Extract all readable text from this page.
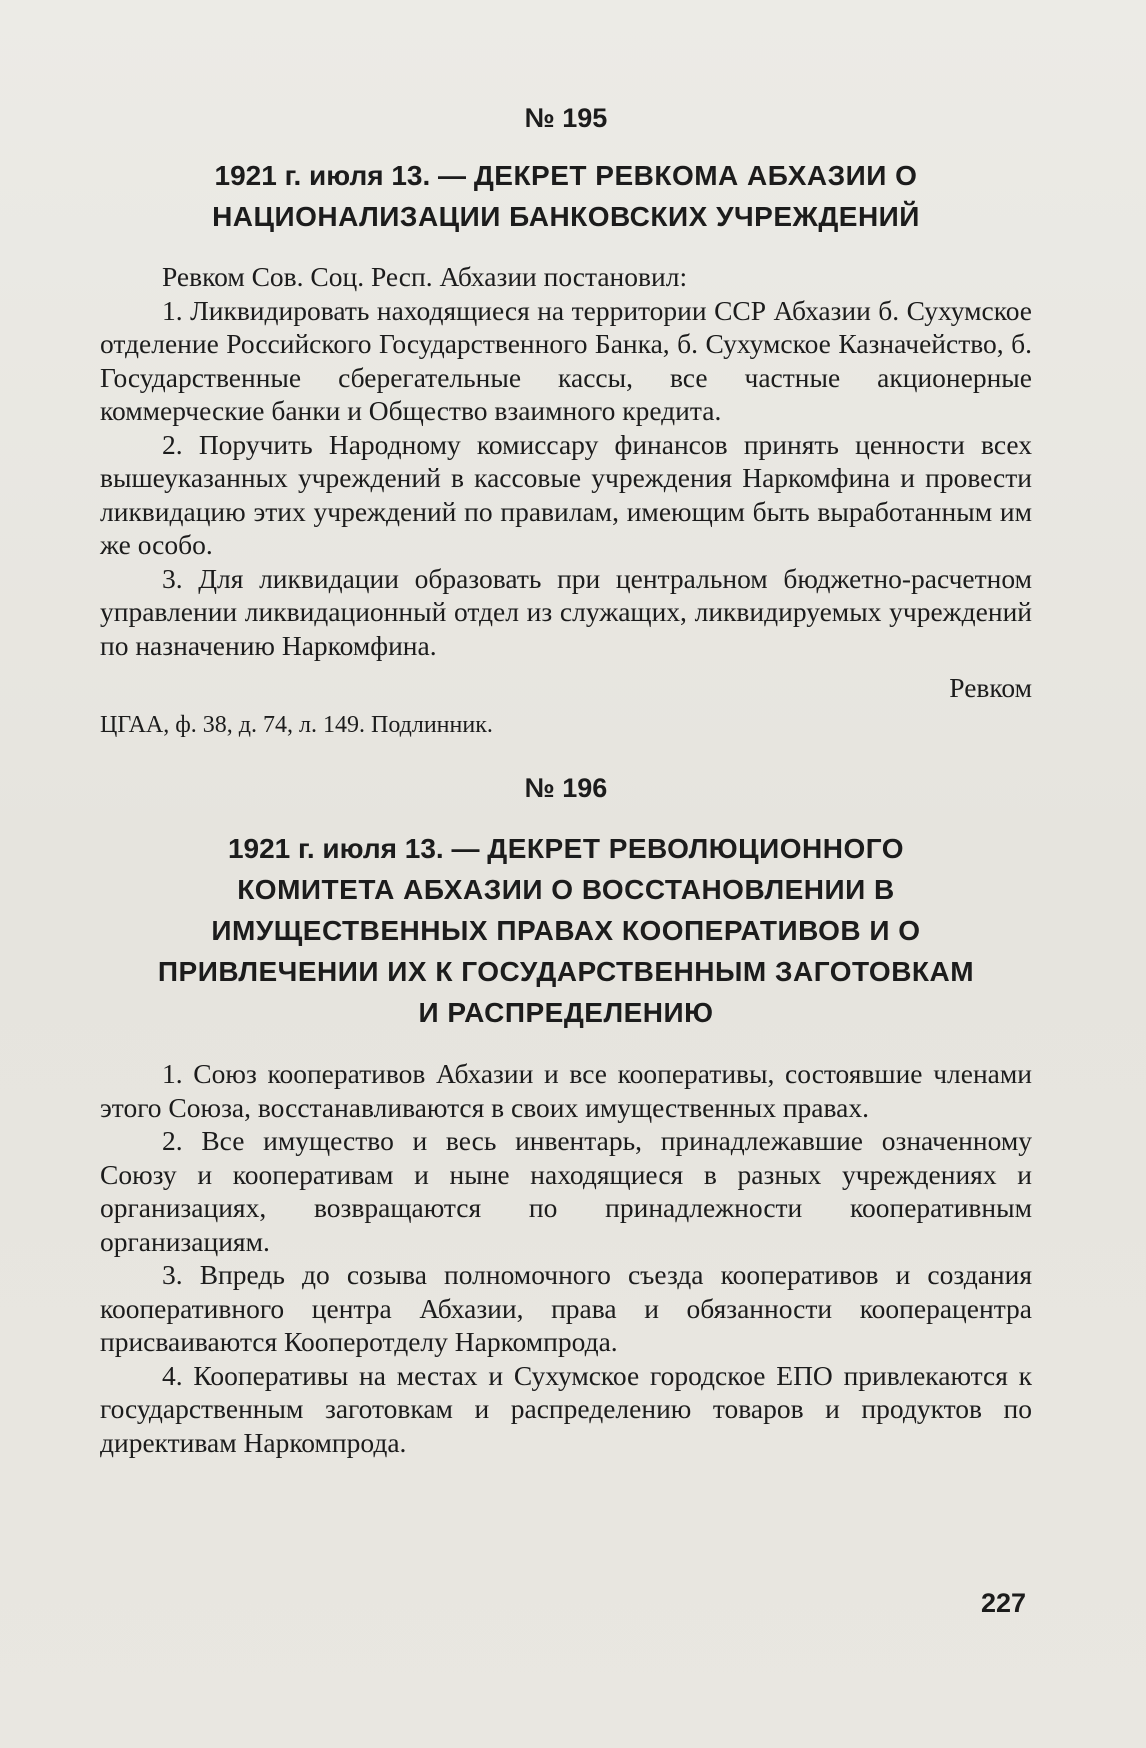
№ 195
1921 г. июля 13. — ДЕКРЕТ РЕВКОМА АБХАЗИИ О НАЦИОНАЛИЗАЦИИ БАНКОВСКИХ УЧРЕЖДЕНИЙ

Ревком Сов. Соц. Респ. Абхазии постановил:

1. Ликвидировать находящиеся на территории ССР Абхазии б. Сухумское отделение Российского Государственного Банка, б. Сухумское Казначейство, б. Государственные сберегательные кассы, все частные акционерные коммерческие банки и Общество взаимного кредита.

2. Поручить Народному комиссару финансов принять ценности всех вышеуказанных учреждений в кассовые учреждения Наркомфина и провести ликвидацию этих учреждений по правилам, имеющим быть выработанным им же особо.

3. Для ликвидации образовать при центральном бюджетно-расчетном управлении ликвидационный отдел из служащих, ликвидируемых учреждений по назначению Наркомфина.

Ревком
ЦГАА, ф. 38, д. 74, л. 149. Подлинник.
№ 196
1921 г. июля 13. — ДЕКРЕТ РЕВОЛЮЦИОННОГО КОМИТЕТА АБХАЗИИ О ВОССТАНОВЛЕНИИ В ИМУЩЕСТВЕННЫХ ПРАВАХ КООПЕРАТИВОВ И О ПРИВЛЕЧЕНИИ ИХ К ГОСУДАРСТВЕННЫМ ЗАГОТОВКАМ И РАСПРЕДЕЛЕНИЮ

1. Союз кооперативов Абхазии и все кооперативы, состоявшие членами этого Союза, восстанавливаются в своих имущественных правах.

2. Все имущество и весь инвентарь, принадлежавшие означенному Союзу и кооперативам и ныне находящиеся в разных учреждениях и организациях, возвращаются по принадлежности кооперативным организациям.

3. Впредь до созыва полномочного съезда кооперативов и создания кооперативного центра Абхазии, права и обязанности кооперацентра присваиваются Кооперотделу Наркомпрода.

4. Кооперативы на местах и Сухумское городское ЕПО привлекаются к государственным заготовкам и распределению товаров и продуктов по директивам Наркомпрода.

227
